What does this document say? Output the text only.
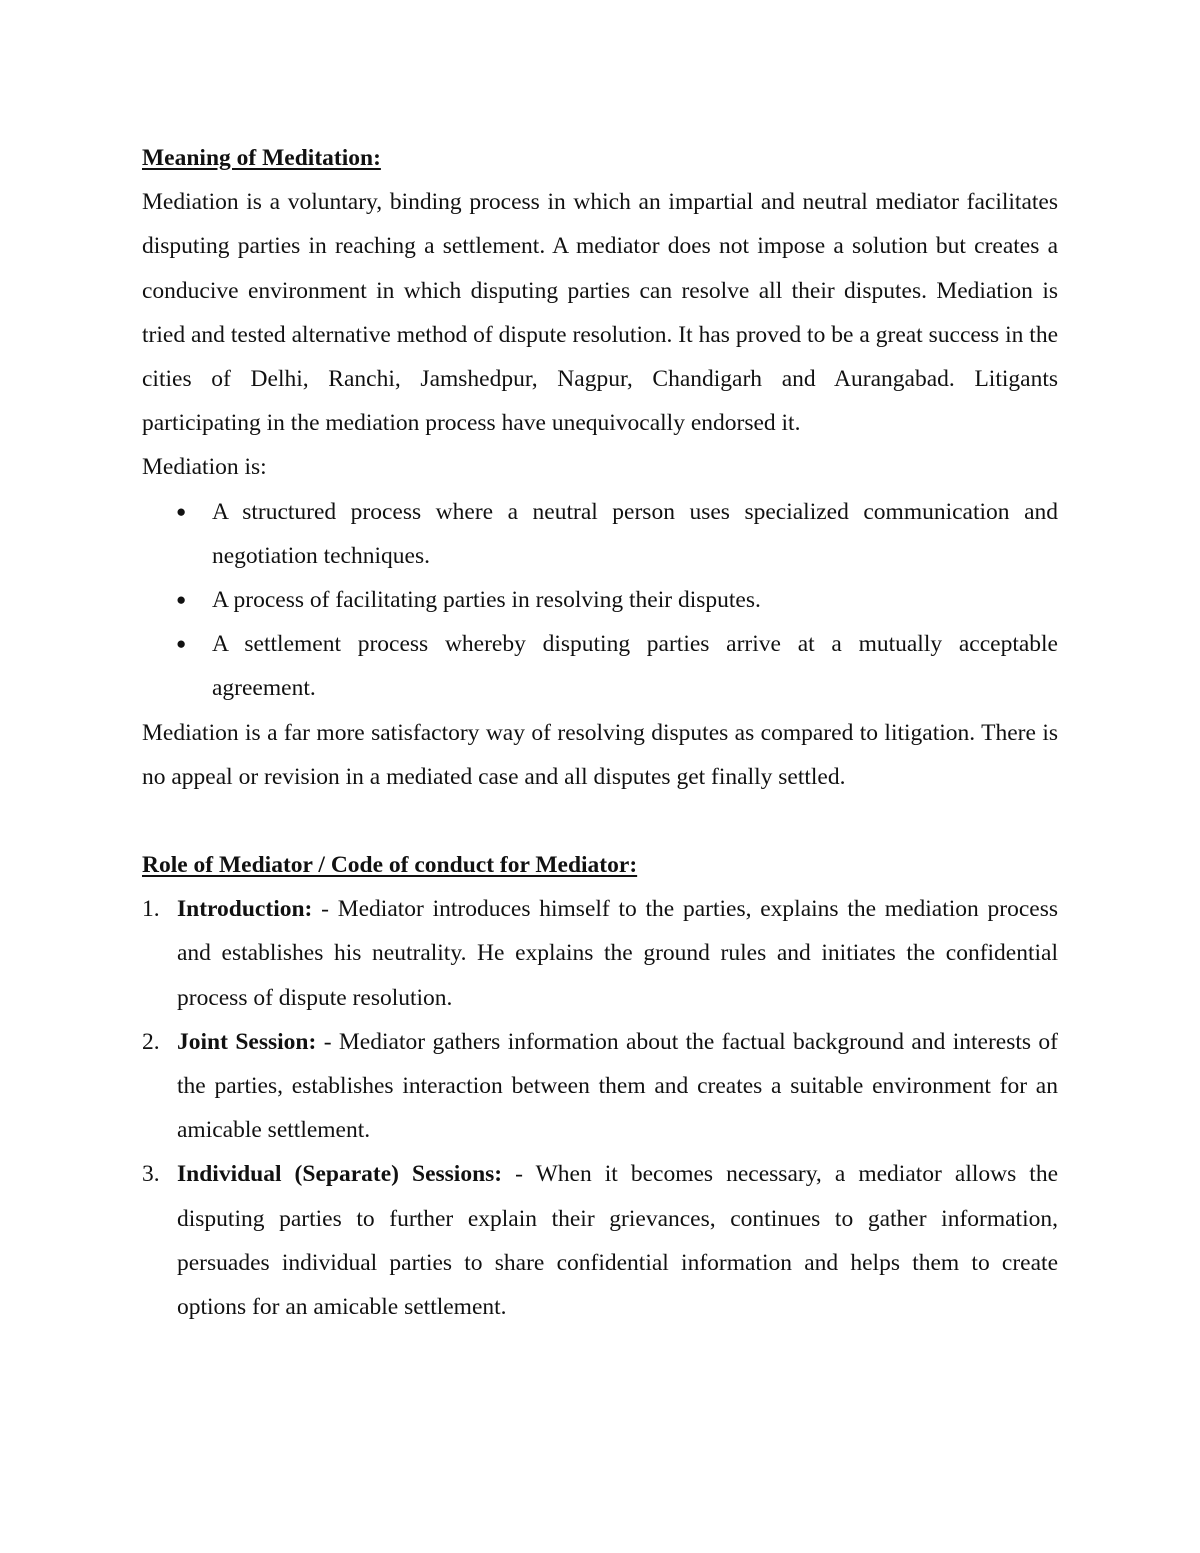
Meaning of Meditation:

Mediation is a voluntary, binding process in which an impartial and neutral mediator facilitates disputing parties in reaching a settlement. A mediator does not impose a solution but creates a conducive environment in which disputing parties can resolve all their disputes. Mediation is tried and tested alternative method of dispute resolution. It has proved to be a great success in the cities of Delhi, Ranchi, Jamshedpur, Nagpur, Chandigarh and Aurangabad. Litigants participating in the mediation process have unequivocally endorsed it.

Mediation is:

● A structured process where a neutral person uses specialized communication and negotiation techniques.
● A process of facilitating parties in resolving their disputes.
● A settlement process whereby disputing parties arrive at a mutually acceptable agreement.

Mediation is a far more satisfactory way of resolving disputes as compared to litigation. There is no appeal or revision in a mediated case and all disputes get finally settled.

Role of Mediator / Code of conduct for Mediator:

1. Introduction: - Mediator introduces himself to the parties, explains the mediation process and establishes his neutrality. He explains the ground rules and initiates the confidential process of dispute resolution.
2. Joint Session: - Mediator gathers information about the factual background and interests of the parties, establishes interaction between them and creates a suitable environment for an amicable settlement.
3. Individual (Separate) Sessions: - When it becomes necessary, a mediator allows the disputing parties to further explain their grievances, continues to gather information, persuades individual parties to share confidential information and helps them to create options for an amicable settlement.
